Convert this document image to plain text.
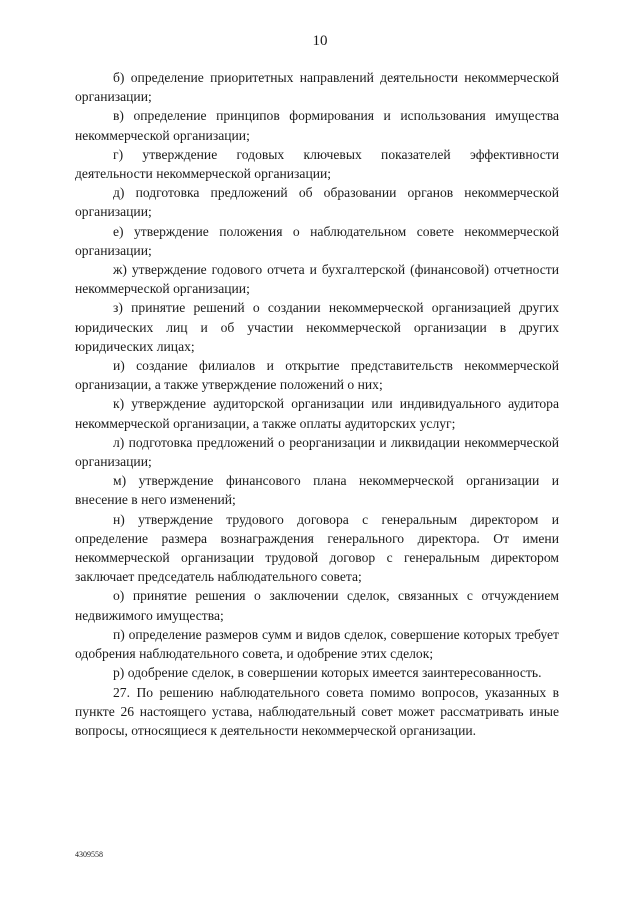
10

б) определение приоритетных направлений деятельности некоммерческой организации;

в) определение принципов формирования и использования имущества некоммерческой организации;

г) утверждение годовых ключевых показателей эффективности деятельности некоммерческой организации;

д) подготовка предложений об образовании органов некоммерческой организации;

е) утверждение положения о наблюдательном совете некоммерческой организации;

ж) утверждение годового отчета и бухгалтерской (финансовой) отчетности некоммерческой организации;

з) принятие решений о создании некоммерческой организацией других юридических лиц и об участии некоммерческой организации в других юридических лицах;

и) создание филиалов и открытие представительств некоммерческой организации, а также утверждение положений о них;

к) утверждение аудиторской организации или индивидуального аудитора некоммерческой организации, а также оплаты аудиторских услуг;

л) подготовка предложений о реорганизации и ликвидации некоммерческой организации;

м) утверждение финансового плана некоммерческой организации и внесение в него изменений;

н) утверждение трудового договора с генеральным директором и определение размера вознаграждения генерального директора. От имени некоммерческой организации трудовой договор с генеральным директором заключает председатель наблюдательного совета;

о) принятие решения о заключении сделок, связанных с отчуждением недвижимого имущества;

п) определение размеров сумм и видов сделок, совершение которых требует одобрения наблюдательного совета, и одобрение этих сделок;

р) одобрение сделок, в совершении которых имеется заинтересованность.

27. По решению наблюдательного совета помимо вопросов, указанных в пункте 26 настоящего устава, наблюдательный совет может рассматривать иные вопросы, относящиеся к деятельности некоммерческой организации.

4309558
